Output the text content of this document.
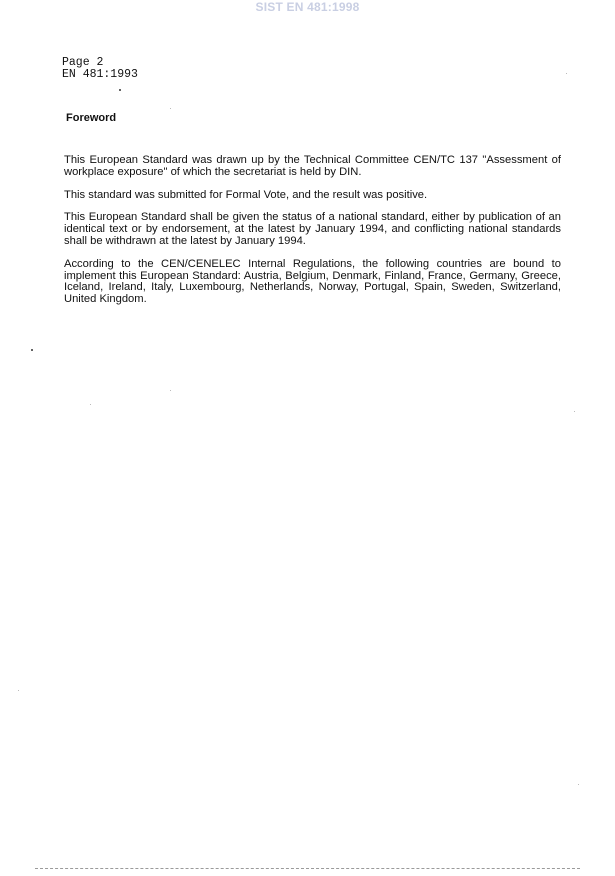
SIST EN 481:1998
Page 2
EN 481:1993
Foreword

This European Standard was drawn up by the Technical Committee CEN/TC 137 "Assessment of workplace exposure" of which the secretariat is held by DIN.

This standard was submitted for Formal Vote, and the result was positive.

This European Standard shall be given the status of a national standard, either by publication of an identical text or by endorsement, at the latest by January 1994, and conflicting national standards shall be withdrawn at the latest by January 1994.

According to the CEN/CENELEC Internal Regulations, the following countries are bound to implement this European Standard: Austria, Belgium, Denmark, Finland, France, Germany, Greece, Iceland, Ireland, Italy, Luxembourg, Netherlands, Norway, Portugal, Spain, Sweden, Switzerland, United Kingdom.
